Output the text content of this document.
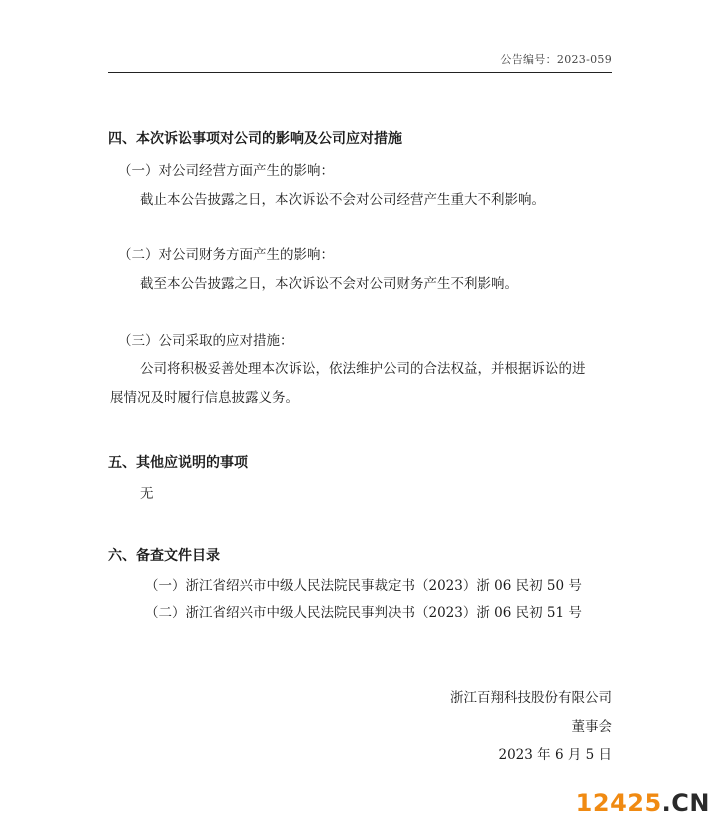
公告编号：2023-059
四、本次诉讼事项对公司的影响及公司应对措施
（一）对公司经营方面产生的影响：
截止本公告披露之日，本次诉讼不会对公司经营产生重大不利影响。
（二）对公司财务方面产生的影响：
截至本公告披露之日，本次诉讼不会对公司财务产生不利影响。
（三）公司采取的应对措施：
公司将积极妥善处理本次诉讼，依法维护公司的合法权益，并根据诉讼的进
展情况及时履行信息披露义务。
五、其他应说明的事项
无
六、备查文件目录
（一）浙江省绍兴市中级人民法院民事裁定书（2023）浙 06 民初 50 号
（二）浙江省绍兴市中级人民法院民事判决书（2023）浙 06 民初 51 号
浙江百翔科技股份有限公司
董事会
2023 年 6 月 5 日
12425.CN
